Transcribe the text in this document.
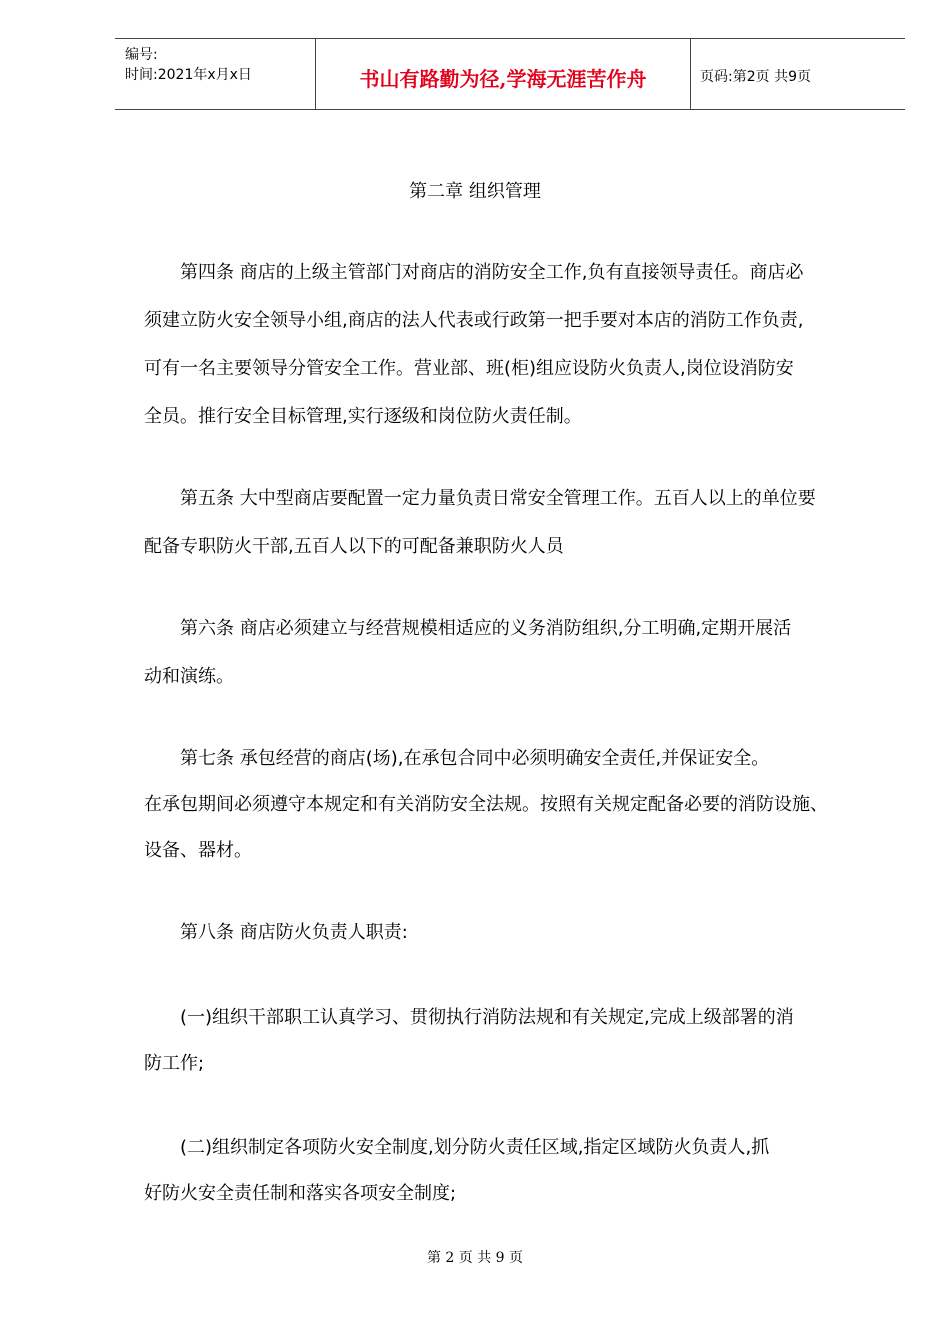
编号:
时间:2021年x月x日	书山有路勤为径,学海无涯苦作舟	页码:第2页 共9页
第二章 组织管理
第四条 商店的上级主管部门对商店的消防安全工作,负有直接领导责任。商店必
须建立防火安全领导小组,商店的法人代表或行政第一把手要对本店的消防工作负责,
可有一名主要领导分管安全工作。营业部、班(柜)组应设防火负责人,岗位设消防安
全员。推行安全目标管理,实行逐级和岗位防火责任制。
第五条 大中型商店要配置一定力量负责日常安全管理工作。五百人以上的单位要
配备专职防火干部,五百人以下的可配备兼职防火人员
第六条 商店必须建立与经营规模相适应的义务消防组织,分工明确,定期开展活
动和演练。
第七条 承包经营的商店(场),在承包合同中必须明确安全责任,并保证安全。
在承包期间必须遵守本规定和有关消防安全法规。按照有关规定配备必要的消防设施、
设备、器材。
第八条 商店防火负责人职责:
(一)组织干部职工认真学习、贯彻执行消防法规和有关规定,完成上级部署的消
防工作;
(二)组织制定各项防火安全制度,划分防火责任区域,指定区域防火负责人,抓
好防火安全责任制和落实各项安全制度;
第 2 页 共 9 页
